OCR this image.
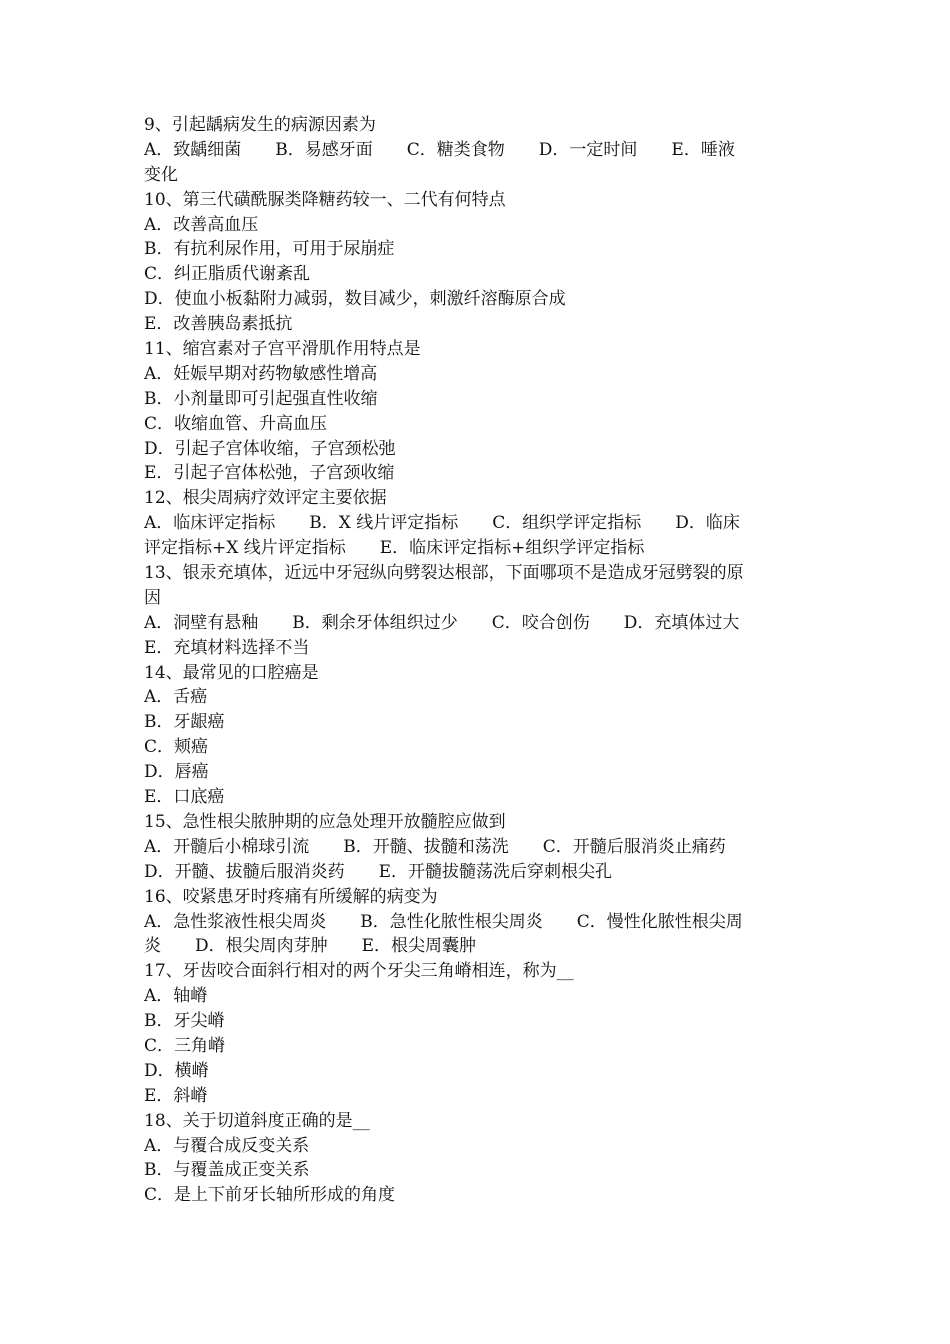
9、引起龋病发生的病源因素为
A．致龋细菌　　B．易感牙面　　C．糖类食物　　D．一定时间　　E．唾液
变化
10、第三代磺酰脲类降糖药较一、二代有何特点
A．改善高血压
B．有抗利尿作用，可用于尿崩症
C．纠正脂质代谢紊乱
D．使血小板黏附力减弱，数目减少，刺激纤溶酶原合成
E．改善胰岛素抵抗
11、缩宫素对子宫平滑肌作用特点是
A．妊娠早期对药物敏感性增高
B．小剂量即可引起强直性收缩
C．收缩血管、升高血压
D．引起子宫体收缩，子宫颈松弛
E．引起子宫体松弛，子宫颈收缩
12、根尖周病疗效评定主要依据
A．临床评定指标　　B．X 线片评定指标　　C．组织学评定指标　　D．临床
评定指标+X 线片评定指标　　E．临床评定指标+组织学评定指标
13、银汞充填体，近远中牙冠纵向劈裂达根部，下面哪项不是造成牙冠劈裂的原
因
A．洞壁有悬釉　　B．剩余牙体组织过少　　C．咬合创伤　　D．充填体过大
E．充填材料选择不当
14、最常见的口腔癌是
A．舌癌
B．牙龈癌
C．颊癌
D．唇癌
E．口底癌
15、急性根尖脓肿期的应急处理开放髓腔应做到
A．开髓后小棉球引流　　B．开髓、拔髓和荡洗　　C．开髓后服消炎止痛药
D．开髓、拔髓后服消炎药　　E．开髓拔髓荡洗后穿刺根尖孔
16、咬紧患牙时疼痛有所缓解的病变为
A．急性浆液性根尖周炎　　B．急性化脓性根尖周炎　　C．慢性化脓性根尖周
炎　　D．根尖周肉芽肿　　E．根尖周囊肿
17、牙齿咬合面斜行相对的两个牙尖三角嵴相连，称为__
A．轴嵴
B．牙尖嵴
C．三角嵴
D．横嵴
E．斜嵴
18、关于切道斜度正确的是__
A．与覆合成反变关系
B．与覆盖成正变关系
C．是上下前牙长轴所形成的角度
